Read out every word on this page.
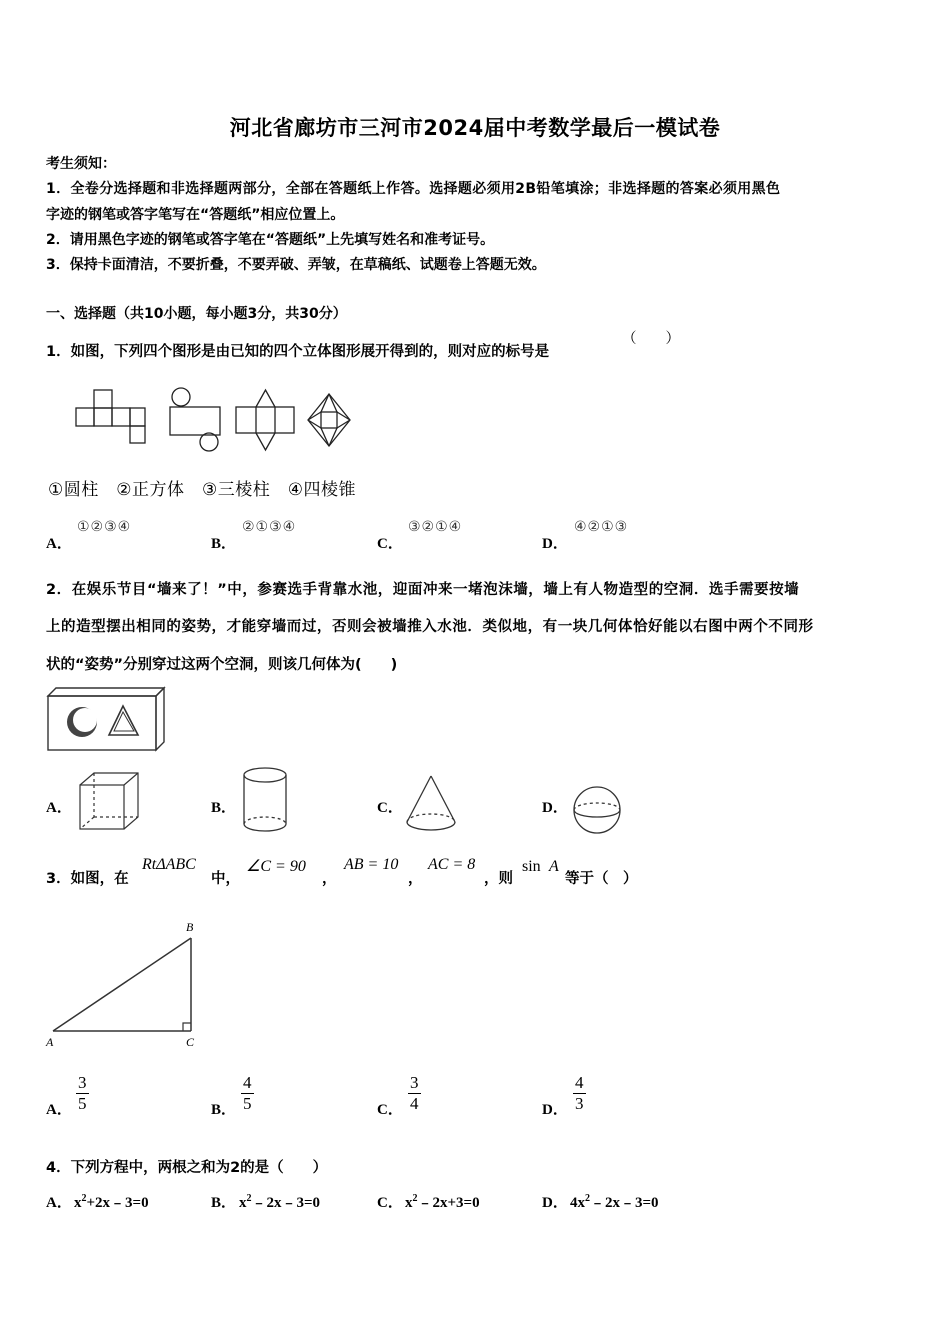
河北省廊坊市三河市2024届中考数学最后一模试卷
考生须知：
1．全卷分选择题和非选择题两部分，全部在答题纸上作答。选择题必须用2B铅笔填涂；非选择题的答案必须用黑色
字迹的钢笔或答字笔写在“答题纸”相应位置上。
2．请用黑色字迹的钢笔或答字笔在“答题纸”上先填写姓名和准考证号。
3．保持卡面清洁，不要折叠，不要弄破、弄皱，在草稿纸、试题卷上答题无效。
一、选择题（共10小题，每小题3分，共30分）
1．如图，下列四个图形是由已知的四个立体图形展开得到的，则对应的标号是
（　　）
①圆柱　②正方体　③三棱柱　④四棱锥
A．
①②③④
B．
②①③④
C．
③②①④
D．
④②①③
2．在娱乐节目“墙来了！”中，参赛选手背靠水池，迎面冲来一堵泡沫墙，墙上有人物造型的空洞．选手需要按墙
上的造型摆出相同的姿势，才能穿墙而过，否则会被墙推入水池．类似地，有一块几何体恰好能以右图中两个不同形
状的“姿势”分别穿过这两个空洞，则该几何体为(　　)
A．	B．	C．	D．
3．如图，在
RtΔABC
中，
∠C = 90
，
AB = 10
，
AC = 8
，则
sin A
等于（　）
A
B
C
A． $\frac{3}{5}$	B． $\frac{4}{5}$	C． $\frac{3}{4}$	D． $\frac{4}{3}$
4．下列方程中，两根之和为2的是（　　）
A． $x^2+2x﹣3=0$	B． $x^2﹣2x﹣3=0$	C． $x^2﹣2x+3=0$	D． $4x^2﹣2x﹣3=0$
